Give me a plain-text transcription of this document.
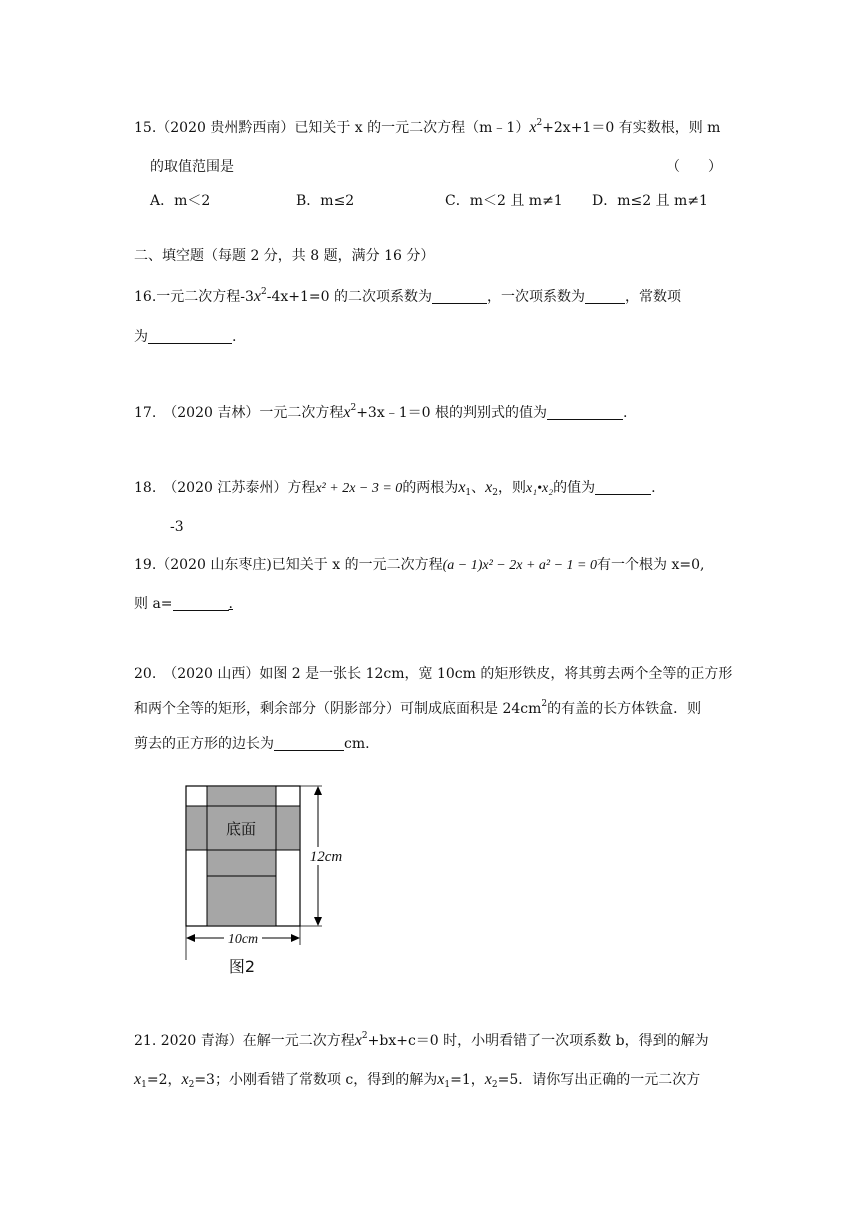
15.（2020 贵州黔西南）已知关于 x 的一元二次方程$(m﹣1)x^2+2x+1=0$ 有实数根，则 m
的取值范围是	（　　）
A．m＜2	B．m≤2	C．m＜2 且 m≠1 D．m≤2 且 m≠1
二、填空题（每题 2 分，共 8 题，满分 16 分）
16.一元二次方程$-3x^2-4x+1=0$ 的二次项系数为	，一次项系数为	，常数项
为	.
17.　（2020 吉林）一元二次方程$x^2+3x﹣1=0$ 根的判别式的值为	.
18.　（2020 江苏泰州）方程x² + 2x − 3 = 0的两根为$x_1$、$x_2$，则x₁•x₂的值为	.
-3
19.（2020 山东枣庄)已知关于 x 的一元二次方程(a − 1)x² − 2x + a² − 1 = 0有一个根为 x=0,
则 a=	.
20.　（2020 山西）如图 2 是一张长 12cm，宽 10cm 的矩形铁皮，将其剪去两个全等的正方形
和两个全等的矩形，剩余部分（阴影部分）可制成底面积是 $24cm^2$的有盖的长方体铁盒．则
剪去的正方形的边长为	cm.
底面
12cm
10cm
图2
21. 2020 青海）在解一元二次方程$x^2+bx+c=0$ 时，小明看错了一次项系数 b，得到的解为
$x_1=2$，$x_2=3$；小刚看错了常数项 c，得到的解为$x_1=1$，$x_2=5$．请你写出正确的一元二次方
